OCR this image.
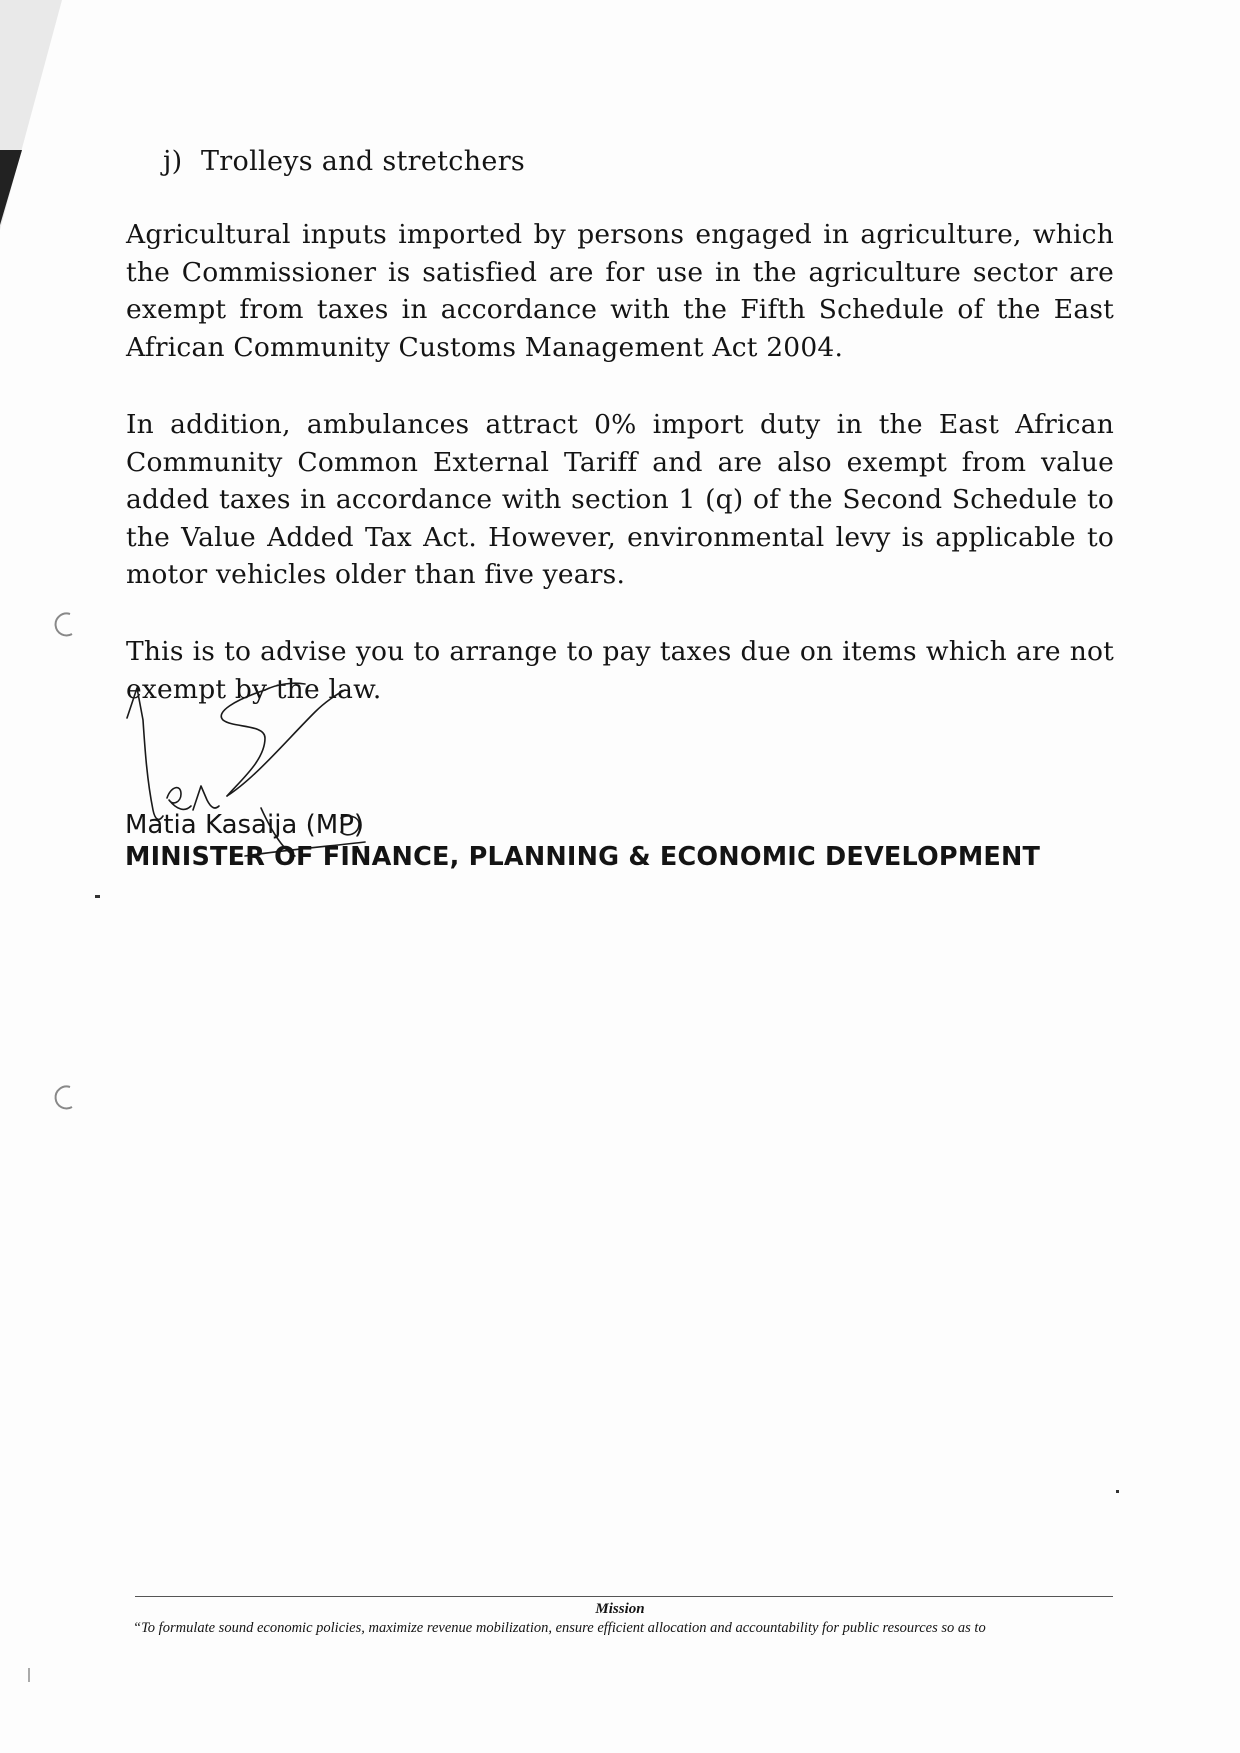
j) Trolleys and stretchers

Agricultural inputs imported by persons engaged in agriculture, which the Commissioner is satisfied are for use in the agriculture sector are exempt from taxes in accordance with the Fifth Schedule of the East African Community Customs Management Act 2004.

In addition, ambulances attract 0% import duty in the East African Community Common External Tariff and are also exempt from value added taxes in accordance with section 1 (q) of the Second Schedule to the Value Added Tax Act. However, environmental levy is applicable to motor vehicles older than five years.

This is to advise you to arrange to pay taxes due on items which are not exempt by the law.

Matia Kasaija (MP)
MINISTER OF FINANCE, PLANNING & ECONOMIC DEVELOPMENT
Mission
“To formulate sound economic policies, maximize revenue mobilization, ensure efficient allocation and accountability for public resources so as to
